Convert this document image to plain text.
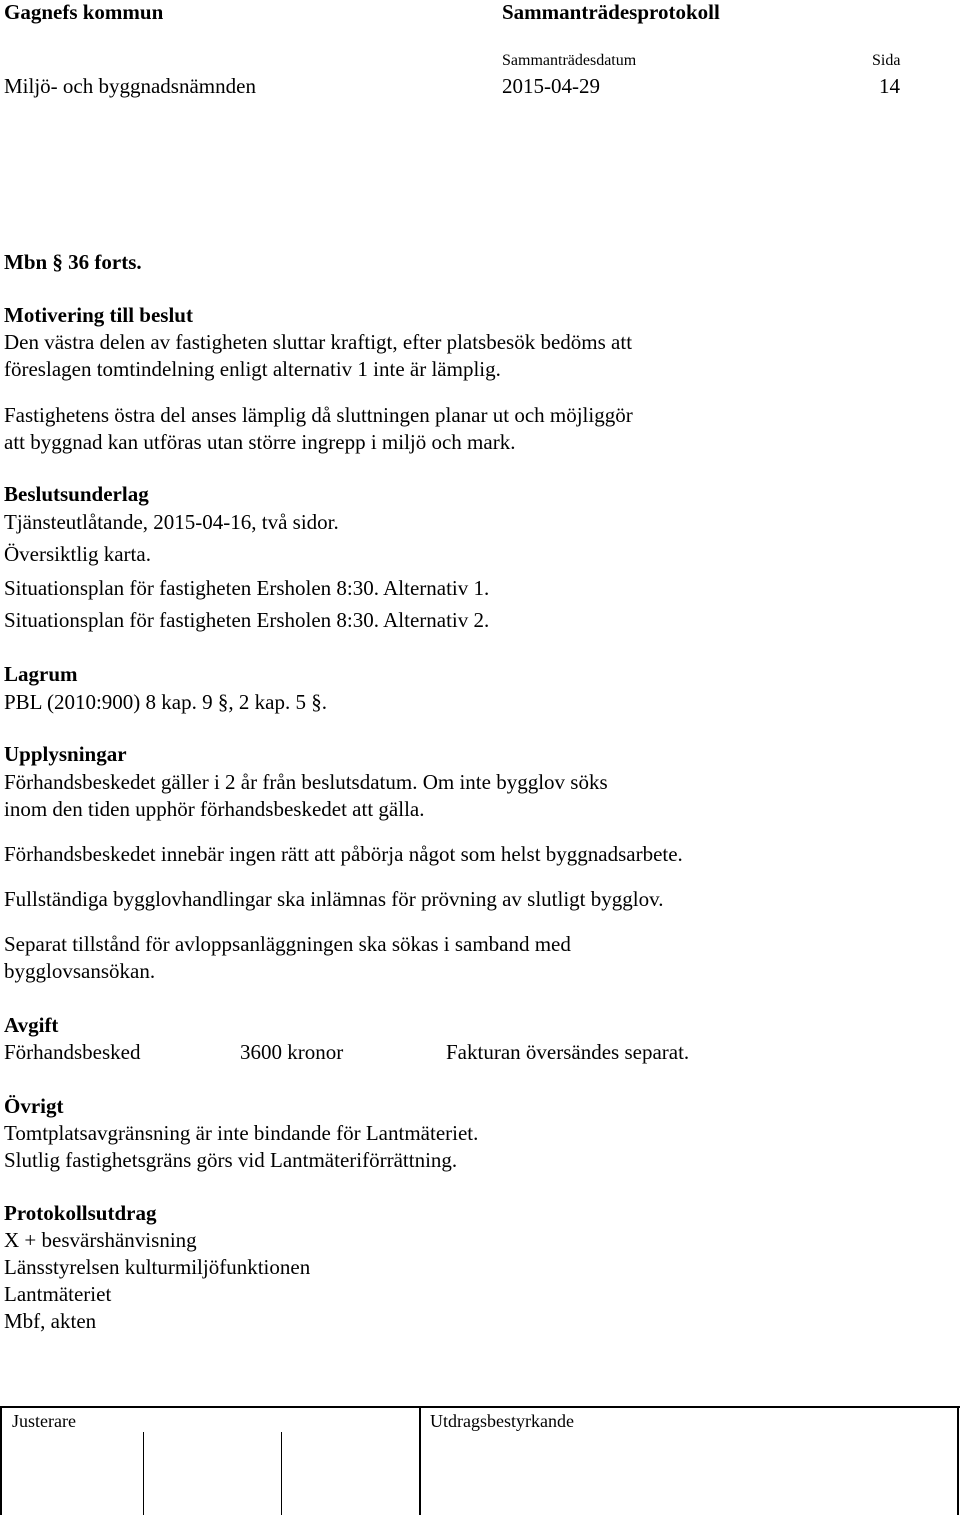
Gagnefs kommun	Sammanträdesprotokoll
Sammanträdesdatum	Sida
Miljö- och byggnadsnämnden	2015-04-29	14
Mbn § 36 forts.
Motivering till beslut
Den västra delen av fastigheten sluttar kraftigt, efter platsbesök bedöms att
föreslagen tomtindelning enligt alternativ 1 inte är lämplig.
Fastighetens östra del anses lämplig då sluttningen planar ut och möjliggör
att byggnad kan utföras utan större ingrepp i miljö och mark.
Beslutsunderlag
Tjänsteutlåtande, 2015-04-16, två sidor.
Översiktlig karta.
Situationsplan för fastigheten Ersholen 8:30. Alternativ 1.
Situationsplan för fastigheten Ersholen 8:30. Alternativ 2.
Lagrum
PBL (2010:900) 8 kap. 9 §, 2 kap. 5 §.
Upplysningar
Förhandsbeskedet gäller i 2 år från beslutsdatum. Om inte bygglov söks
inom den tiden upphör förhandsbeskedet att gälla.
Förhandsbeskedet innebär ingen rätt att påbörja något som helst byggnadsarbete.
Fullständiga bygglovhandlingar ska inlämnas för prövning av slutligt bygglov.
Separat tillstånd för avloppsanläggningen ska sökas i samband med
bygglovsansökan.
Avgift
Förhandsbesked	3600 kronor	Fakturan översändes separat.
Övrigt
Tomtplatsavgränsning är inte bindande för Lantmäteriet.
Slutlig fastighetsgräns görs vid Lantmäteriförrättning.
Protokollsutdrag
X + besvärshänvisning
Länsstyrelsen kulturmiljöfunktionen
Lantmäteriet
Mbf, akten
Justerare	Utdragsbestyrkande
